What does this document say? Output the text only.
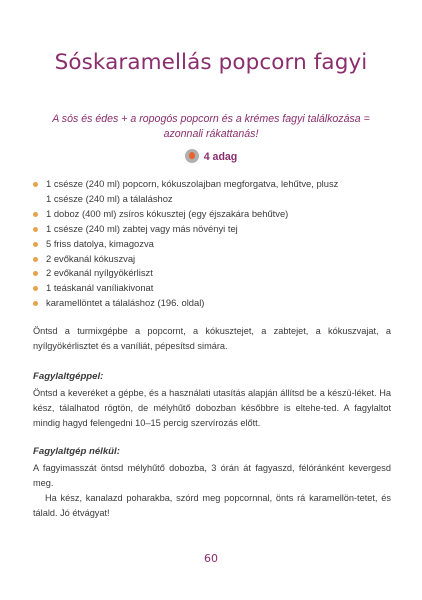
Sóskaramellás popcorn fagyi
A sós és édes + a ropogós popcorn és a krémes fagyi találkozása = azonnali rákattanás!
4 adag
1 csésze (240 ml) popcorn, kókuszolajban megforgatva, lehűtve, plusz
1 csésze (240 ml) a tálaláshoz
1 doboz (400 ml) zsíros kókusztej (egy éjszakára behűtve)
1 csésze (240 ml) zabtej vagy más növényi tej
5 friss datolya, kimagozva
2 evőkanál kókuszvaj
2 evőkanál nyílgyökérliszt
1 teáskanál vaníliakivonat
karamellöntet a tálaláshoz (196. oldal)

Öntsd a turmixgépbe a popcornt, a kókusztejet, a zabtejet, a kókuszvajat, a nyílgyökérlisztet és a vaníliát, pépesítsd simára.

Fagylaltgéppel:

Öntsd a keveréket a gépbe, és a használati utasítás alapján állítsd be a készü-léket. Ha kész, tálalhatod rögtön, de mélyhűtő dobozban későbbre is eltehe-ted. A fagylaltot mindig hagyd felengedni 10–15 percig szervírozás előtt.

Fagylaltgép nélkül:

A fagyimasszát öntsd mélyhűtő dobozba, 3 órán át fagyaszd, félóránként kevergesd meg.

Ha kész, kanalazd poharakba, szórd meg popcornnal, önts rá karamellön-tetet, és tálald. Jó étvágyat!

60
